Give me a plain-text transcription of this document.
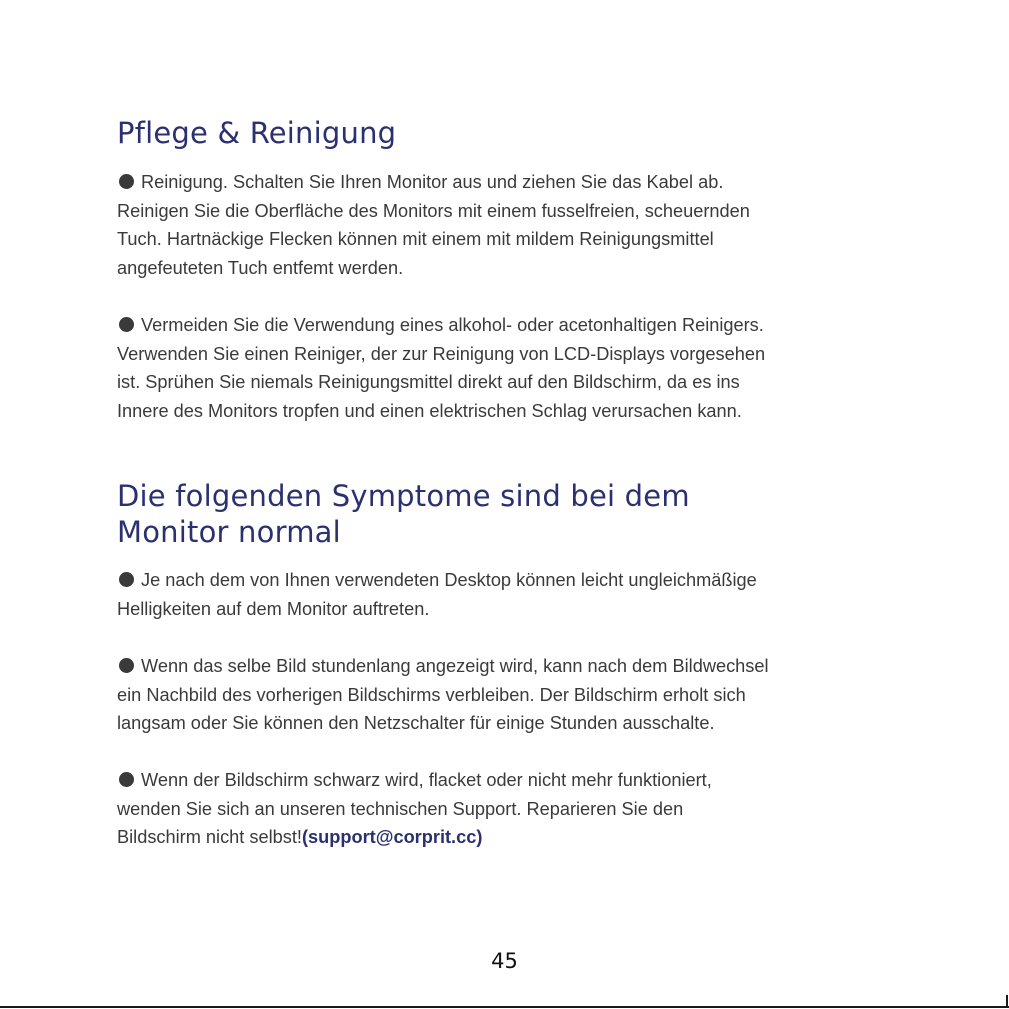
Pflege & Reinigung
Reinigung. Schalten Sie Ihren Monitor aus und ziehen Sie das Kabel ab.
Reinigen Sie die Oberfläche des Monitors mit einem fusselfreien, scheuernden
Tuch. Hartnäckige Flecken können mit einem mit mildem Reinigungsmittel
angefeuteten Tuch entfemt werden.
Vermeiden Sie die Verwendung eines alkohol- oder acetonhaltigen Reinigers.
Verwenden Sie einen Reiniger, der zur Reinigung von LCD-Displays vorgesehen
ist. Sprühen Sie niemals Reinigungsmittel direkt auf den Bildschirm, da es ins
Innere des Monitors tropfen und einen elektrischen Schlag verursachen kann.
Die folgenden Symptome sind bei dem
Monitor normal
Je nach dem von Ihnen verwendeten Desktop können leicht ungleichmäßige
Helligkeiten auf dem Monitor auftreten.
Wenn das selbe Bild stundenlang angezeigt wird, kann nach dem Bildwechsel
ein Nachbild des vorherigen Bildschirms verbleiben. Der Bildschirm erholt sich
langsam oder Sie können den Netzschalter für einige Stunden ausschalte.
Wenn der Bildschirm schwarz wird, flacket oder nicht mehr funktioniert,
wenden Sie sich an unseren technischen Support. Reparieren Sie den
Bildschirm nicht selbst!(support@corprit.cc)
45
